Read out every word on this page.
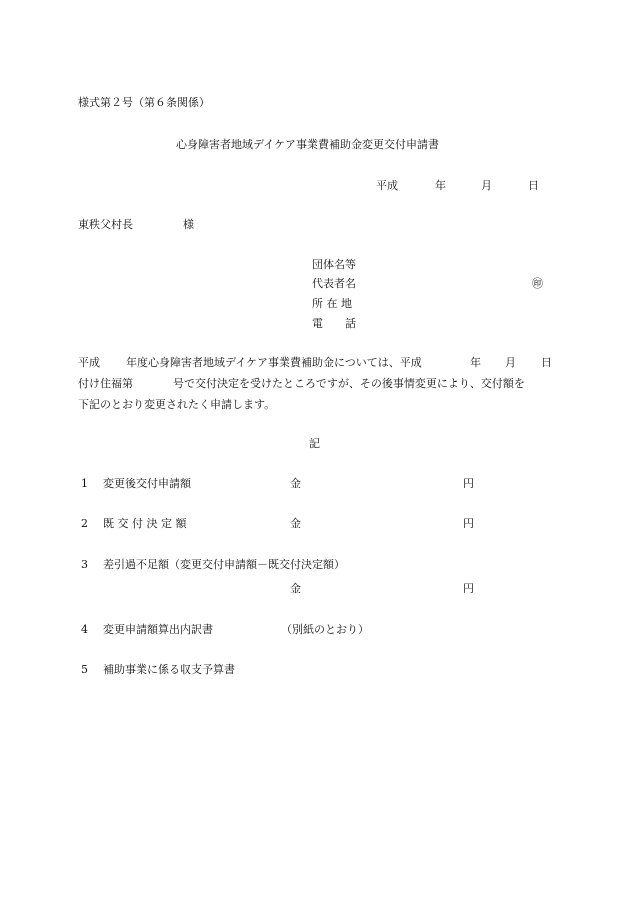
様式第２号（第６条関係）
心身障害者地域デイケア事業費補助金変更交付申請書
平成	年	月	日
東秩父村長	様
団体名等
代表者名	㊞
所 在 地
電　　話
平成 年度心身障害者地域デイケア事業費補助金については、平成	年 月 日
付け住福第	号で交付決定を受けたところですが、その後事情変更により、交付額を
下記のとおり変更されたく申請します。
記
1 変更後交付申請額	金	円
2 既 交 付 決 定 額	金	円
3 差引過不足額（変更交付申請額－既交付決定額）
金	円
4 変更申請額算出内訳書	（別紙のとおり）
5 補助事業に係る収支予算書
